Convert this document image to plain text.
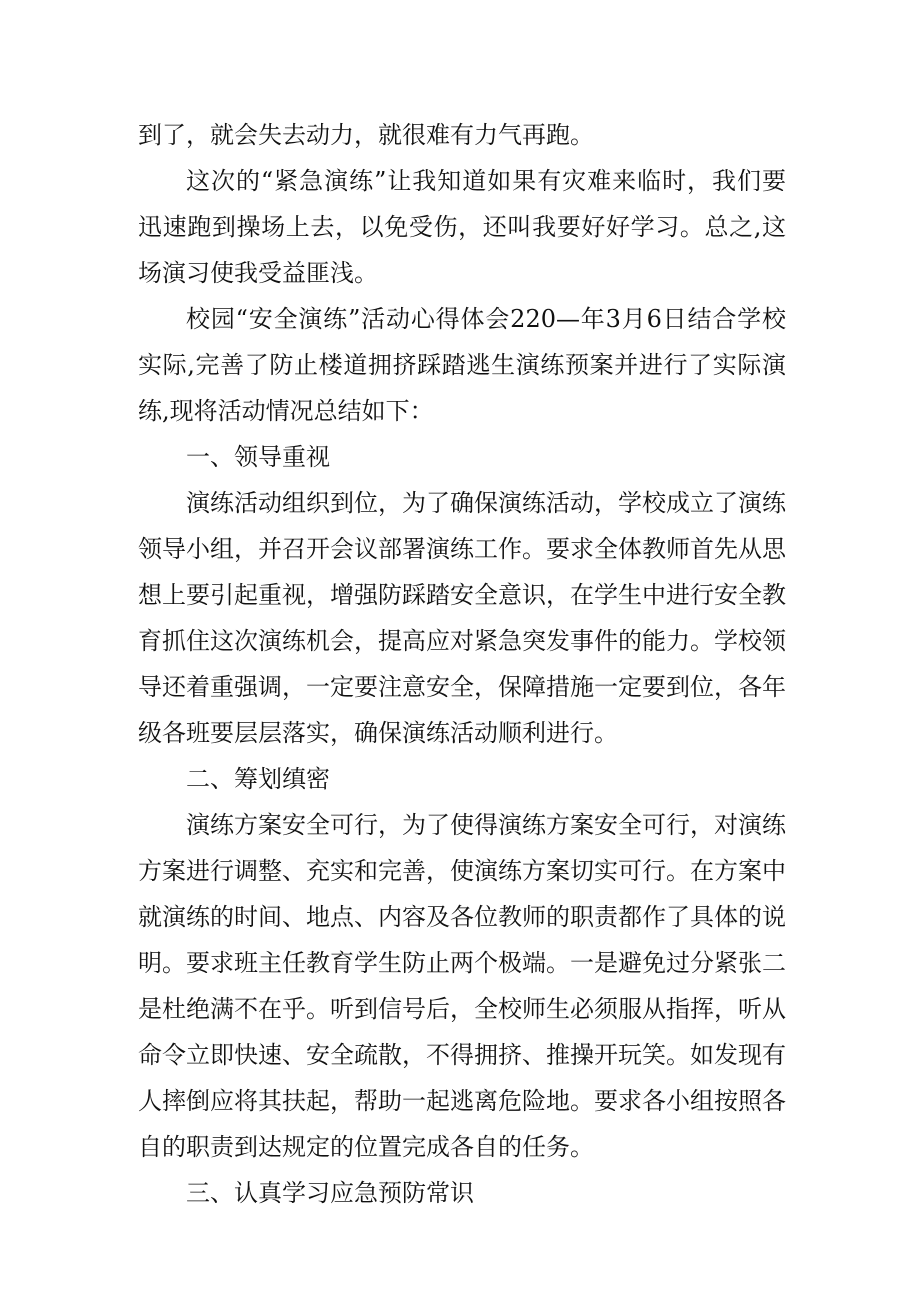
到了，就会失去动力，就很难有力气再跑。

这次的“紧急演练”让我知道如果有灾难来临时，我们要迅速跑到操场上去，以免受伤，还叫我要好好学习。总之,这场演习使我受益匪浅。

校园“安全演练”活动心得体会220—年3月6日结合学校实际,完善了防止楼道拥挤踩踏逃生演练预案并进行了实际演练,现将活动情况总结如下：

一、领导重视

演练活动组织到位，为了确保演练活动，学校成立了演练领导小组，并召开会议部署演练工作。要求全体教师首先从思想上要引起重视，增强防踩踏安全意识，在学生中进行安全教育抓住这次演练机会，提高应对紧急突发事件的能力。学校领导还着重强调，一定要注意安全，保障措施一定要到位，各年级各班要层层落实，确保演练活动顺利进行。

二、筹划缜密

演练方案安全可行，为了使得演练方案安全可行，对演练方案进行调整、充实和完善，使演练方案切实可行。在方案中就演练的时间、地点、内容及各位教师的职责都作了具体的说明。要求班主任教育学生防止两个极端。一是避免过分紧张二是杜绝满不在乎。听到信号后，全校师生必须服从指挥，听从命令立即快速、安全疏散，不得拥挤、推操开玩笑。如发现有人摔倒应将其扶起，帮助一起逃离危险地。要求各小组按照各自的职责到达规定的位置完成各自的任务。

三、认真学习应急预防常识
